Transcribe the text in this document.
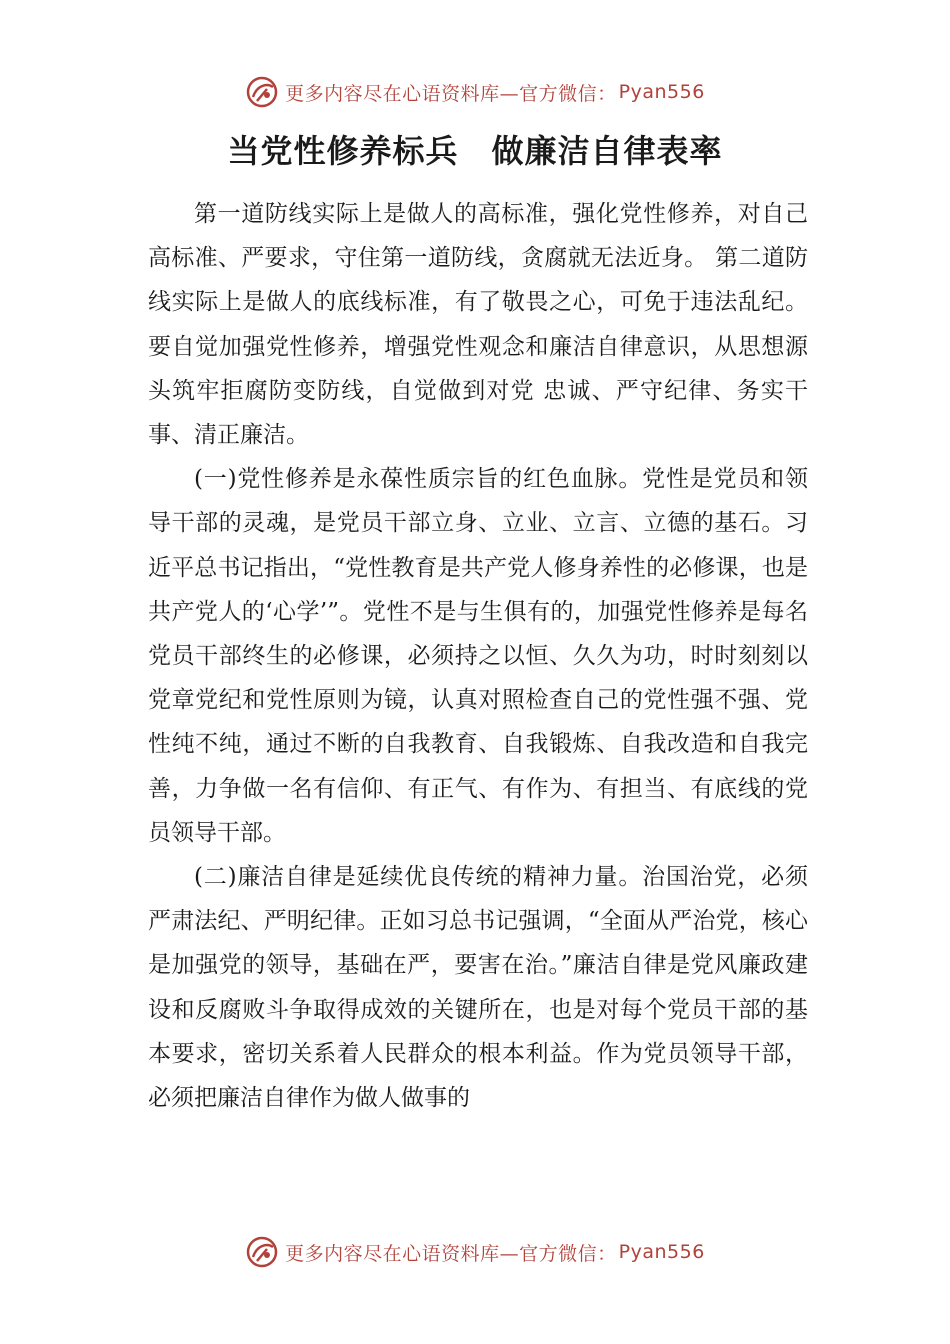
更多内容尽在心语资料库—官方微信： Pyan556
当党性修养标兵　做廉洁自律表率

第一道防线实际上是做人的高标准，强化党性修养，对自己高标准、严要求，守住第一道防线，贪腐就无法近身。 第二道防线实际上是做人的底线标准，有了敬畏之心，可免于违法乱纪。要自觉加强党性修养，增强党性观念和廉洁自律意识，从思想源头筑牢拒腐防变防线，自觉做到对党 忠诚、严守纪律、务实干事、清正廉洁。

(一)党性修养是永葆性质宗旨的红色血脉。党性是党员和领导干部的灵魂，是党员干部立身、立业、立言、立德的基石。习近平总书记指出，“党性教育是共产党人修身养性的必修课，也是共产党人的‘心学’”。党性不是与生俱有的，加强党性修养是每名党员干部终生的必修课，必须持之以恒、久久为功，时时刻刻以党章党纪和党性原则为镜，认真对照检查自己的党性强不强、党性纯不纯，通过不断的自我教育、自我锻炼、自我改造和自我完善，力争做一名有信仰、有正气、有作为、有担当、有底线的党员领导干部。

(二)廉洁自律是延续优良传统的精神力量。治国治党，必须严肃法纪、严明纪律。正如习总书记强调，“全面从严治党，核心是加强党的领导，基础在严，要害在治。”廉洁自律是党风廉政建设和反腐败斗争取得成效的关键所在，也是对每个党员干部的基本要求，密切关系着人民群众的根本利益。作为党员领导干部，必须把廉洁自律作为做人做事的

更多内容尽在心语资料库—官方微信： Pyan556
